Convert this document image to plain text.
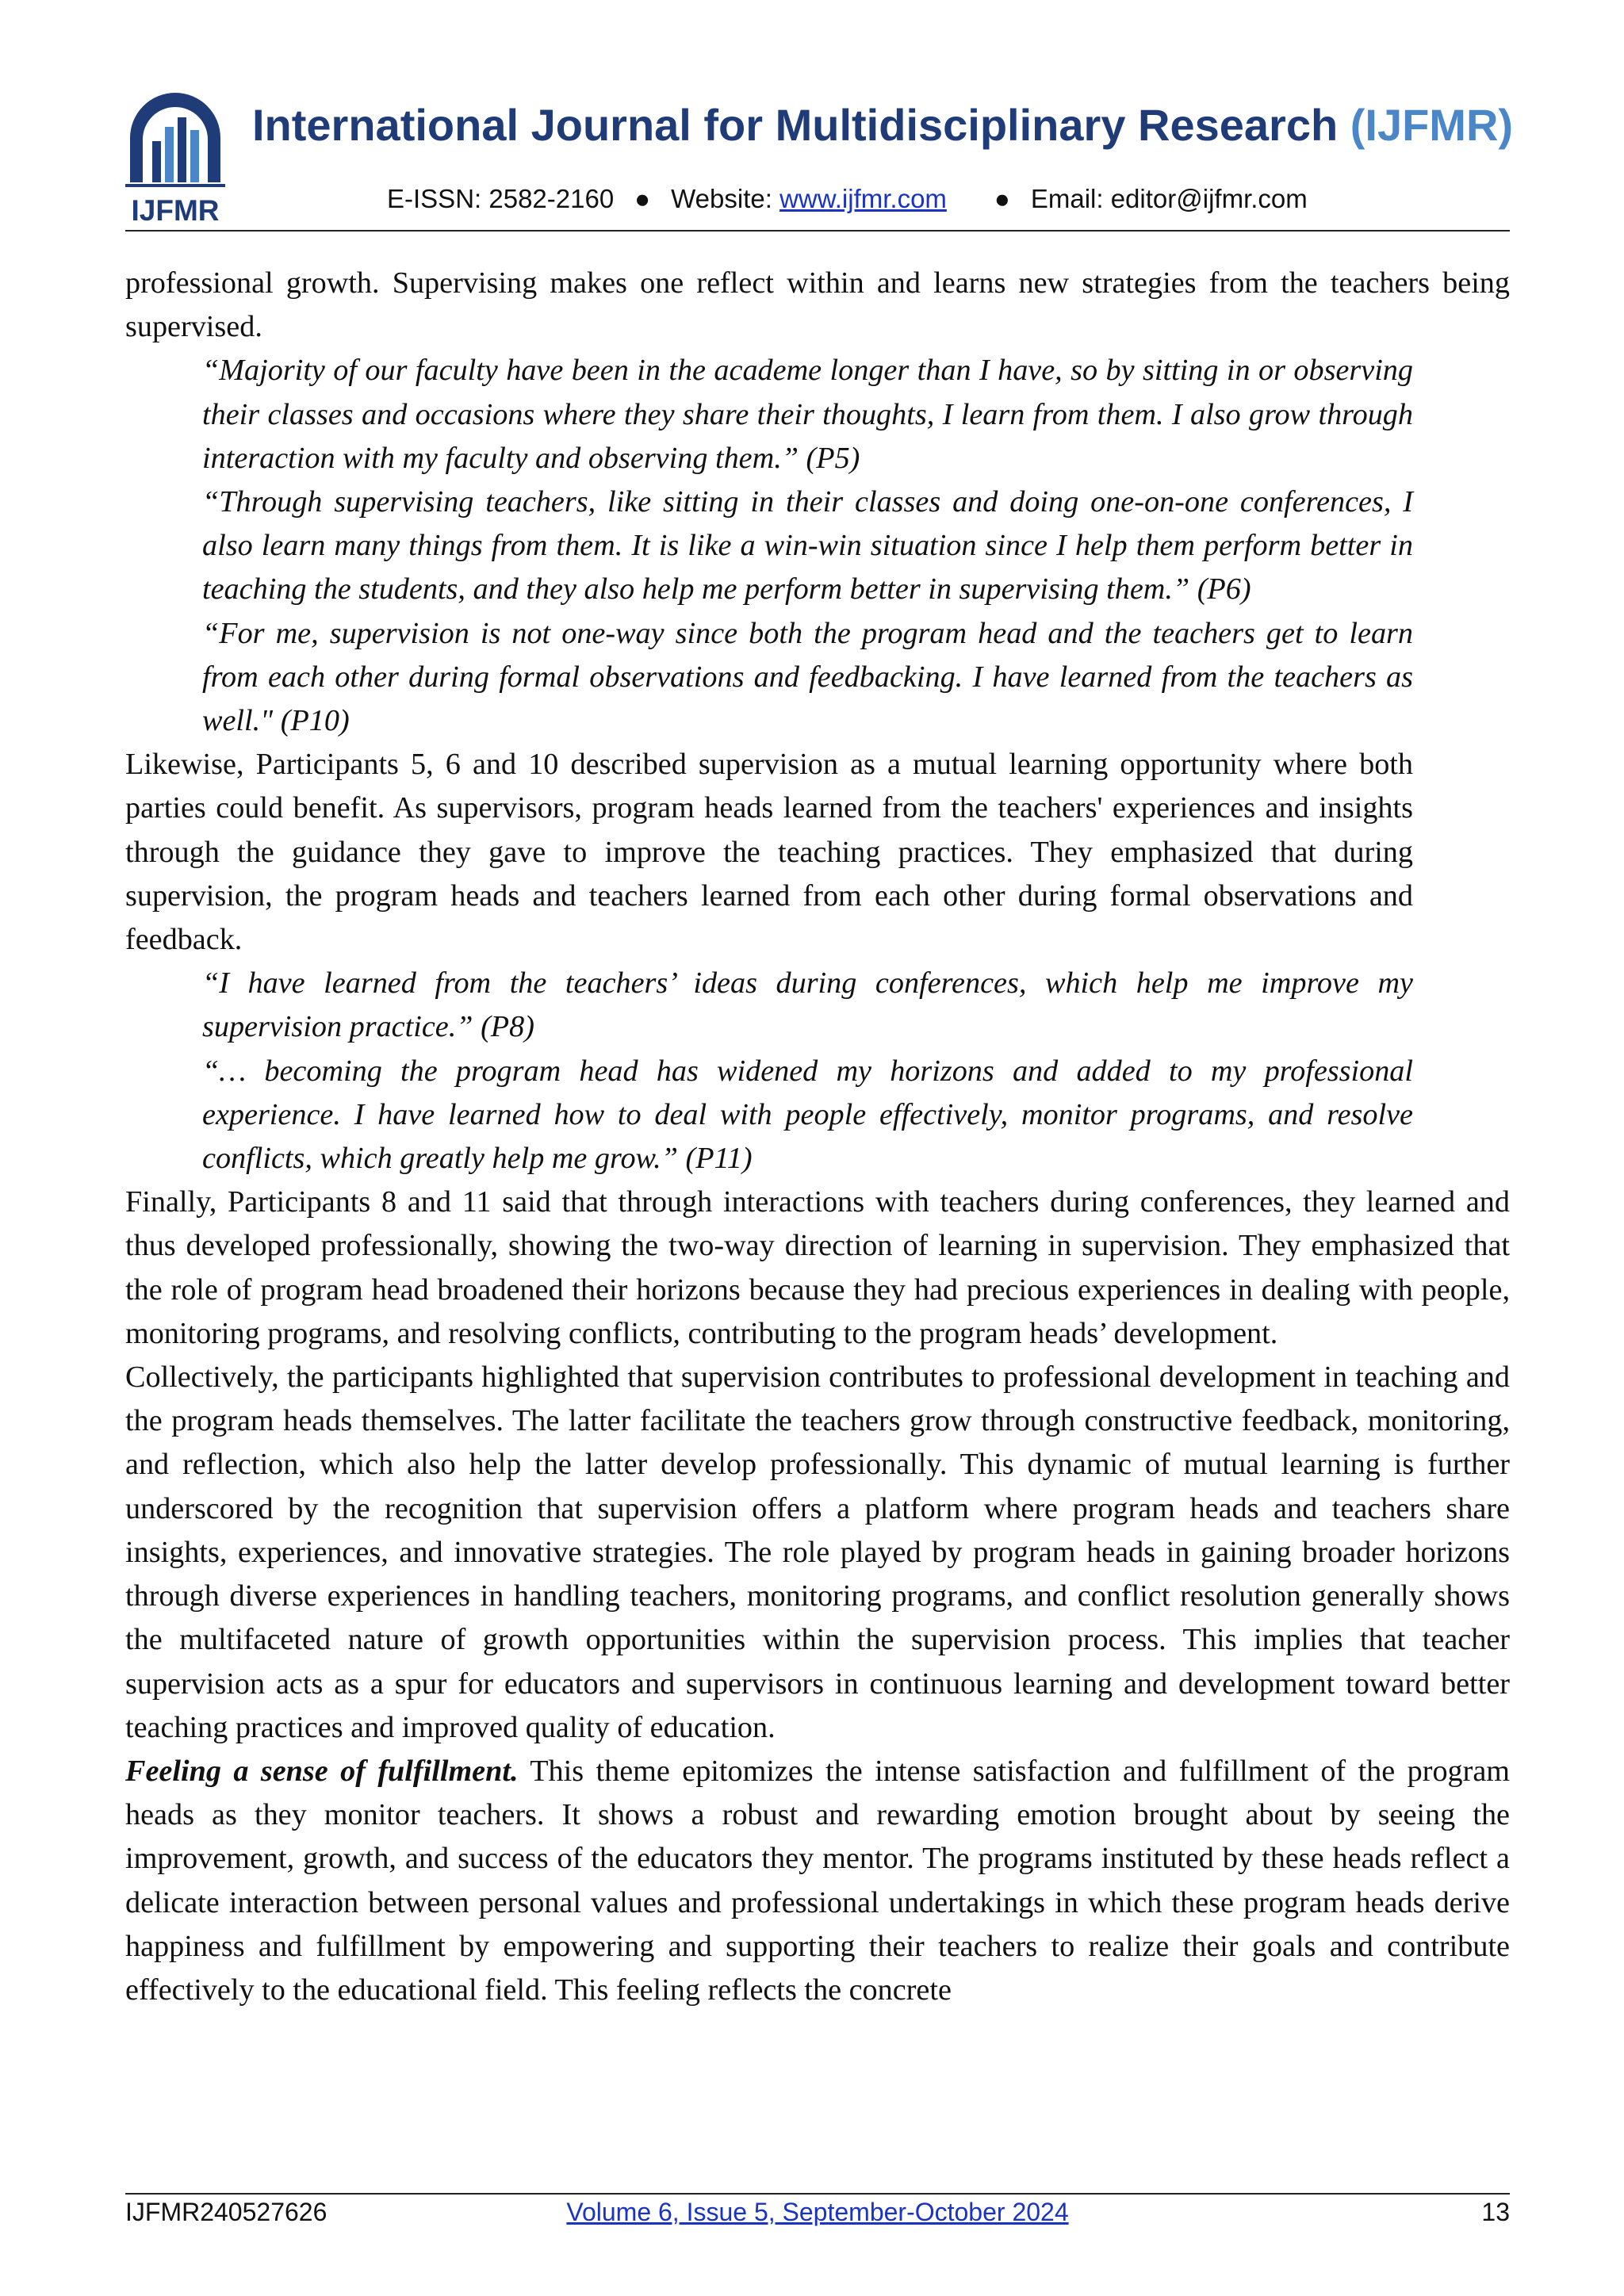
IJFMR
International Journal for Multidisciplinary Research (IJFMR)
E-ISSN: 2582-2160 ● Website: www.ijfmr.com ● Email: editor@ijfmr.com

professional growth. Supervising makes one reflect within and learns new strategies from the teachers being supervised.

“Majority of our faculty have been in the academe longer than I have, so by sitting in or observing their classes and occasions where they share their thoughts, I learn from them. I also grow through interaction with my faculty and observing them.” (P5)

“Through supervising teachers, like sitting in their classes and doing one-on-one conferences, I also learn many things from them. It is like a win-win situation since I help them perform better in teaching the students, and they also help me perform better in supervising them.” (P6)

“For me, supervision is not one-way since both the program head and the teachers get to learn from each other during formal observations and feedbacking. I have learned from the teachers as well." (P10)

Likewise, Participants 5, 6 and 10 described supervision as a mutual learning opportunity where both parties could benefit. As supervisors, program heads learned from the teachers' experiences and insights through the guidance they gave to improve the teaching practices. They emphasized that during supervision, the program heads and teachers learned from each other during formal observations and feedback.

“I have learned from the teachers’ ideas during conferences, which help me improve my supervision practice.” (P8)

“… becoming the program head has widened my horizons and added to my professional experience. I have learned how to deal with people effectively, monitor programs, and resolve conflicts, which greatly help me grow.” (P11)

Finally, Participants 8 and 11 said that through interactions with teachers during conferences, they learned and thus developed professionally, showing the two-way direction of learning in supervision. They emphasized that the role of program head broadened their horizons because they had precious experiences in dealing with people, monitoring programs, and resolving conflicts, contributing to the program heads’ development.

Collectively, the participants highlighted that supervision contributes to professional development in teaching and the program heads themselves. The latter facilitate the teachers grow through constructive feedback, monitoring, and reflection, which also help the latter develop professionally. This dynamic of mutual learning is further underscored by the recognition that supervision offers a platform where program heads and teachers share insights, experiences, and innovative strategies. The role played by program heads in gaining broader horizons through diverse experiences in handling teachers, monitoring programs, and conflict resolution generally shows the multifaceted nature of growth opportunities within the supervision process. This implies that teacher supervision acts as a spur for educators and supervisors in continuous learning and development toward better teaching practices and improved quality of education.

Feeling a sense of fulfillment. This theme epitomizes the intense satisfaction and fulfillment of the program heads as they monitor teachers. It shows a robust and rewarding emotion brought about by seeing the improvement, growth, and success of the educators they mentor. The programs instituted by these heads reflect a delicate interaction between personal values and professional undertakings in which these program heads derive happiness and fulfillment by empowering and supporting their teachers to realize their goals and contribute effectively to the educational field. This feeling reflects the concrete

IJFMR240527626	Volume 6, Issue 5, September-October 2024	13
